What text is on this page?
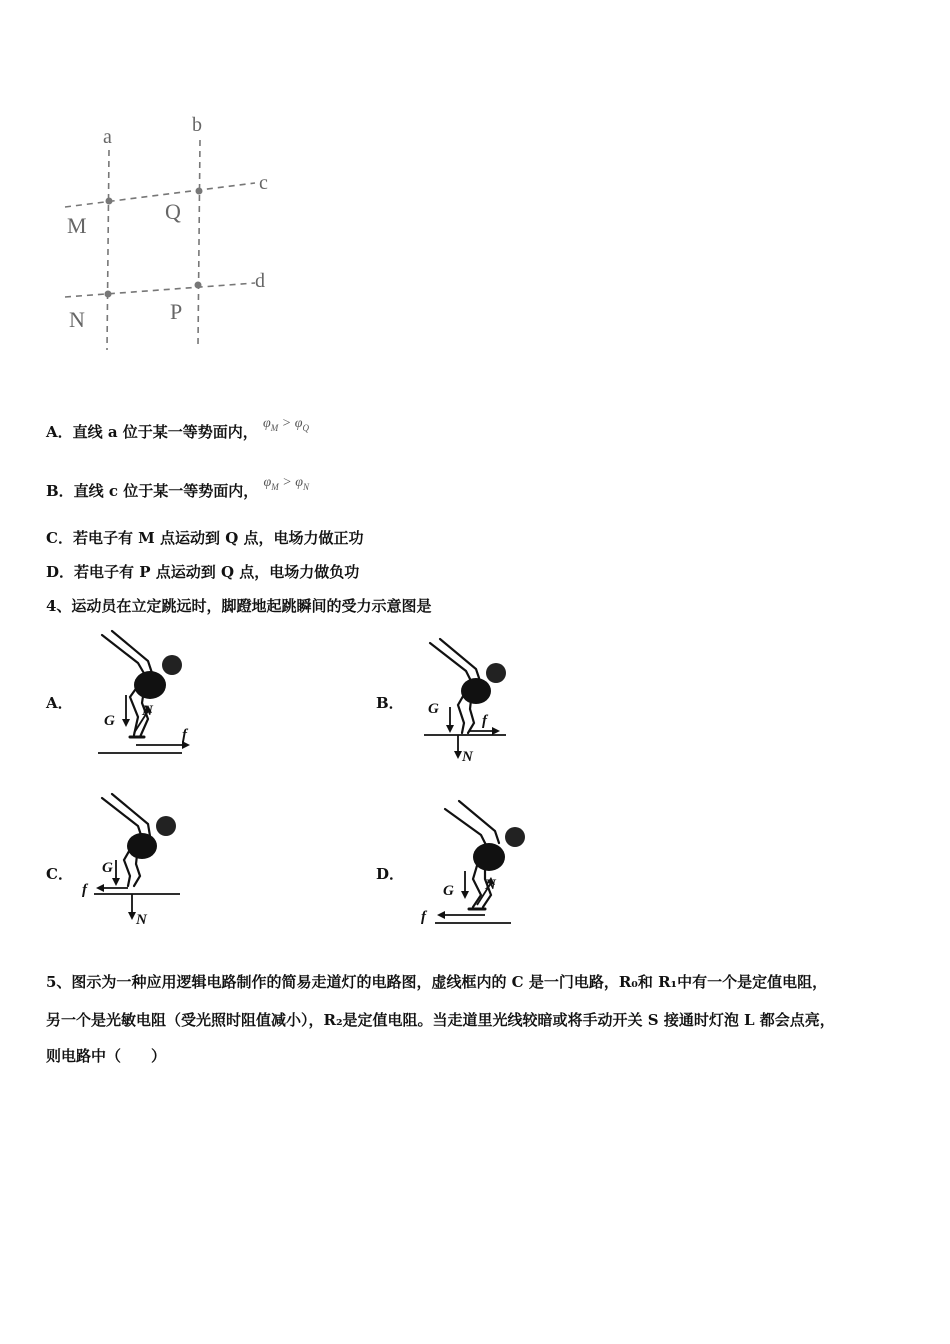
a
b
c
d
M
Q
N	P
A．直线 a 位于某一等势面内， $\varphi_M > \varphi_Q$
B．直线 c 位于某一等势面内， $\varphi_M > \varphi_N$
C．若电子有 M 点运动到 Q 点，电场力做正功
D．若电子有 P 点运动到 Q 点，电场力做负功
4、运动员在立定跳远时，脚蹬地起跳瞬间的受力示意图是
A．	B．
C．	D．
G
N
f
G
N
f
G
N
f	G N
f
5、图示为一种应用逻辑电路制作的简易走道灯的电路图，虚线框内的 C 是一门电路，R₀和 R₁中有一个是定值电阻，
另一个是光敏电阻（受光照时阻值减小），R₂是定值电阻。当走道里光线较暗或将手动开关 S 接通时灯泡 L 都会点亮，
则电路中（　　）
